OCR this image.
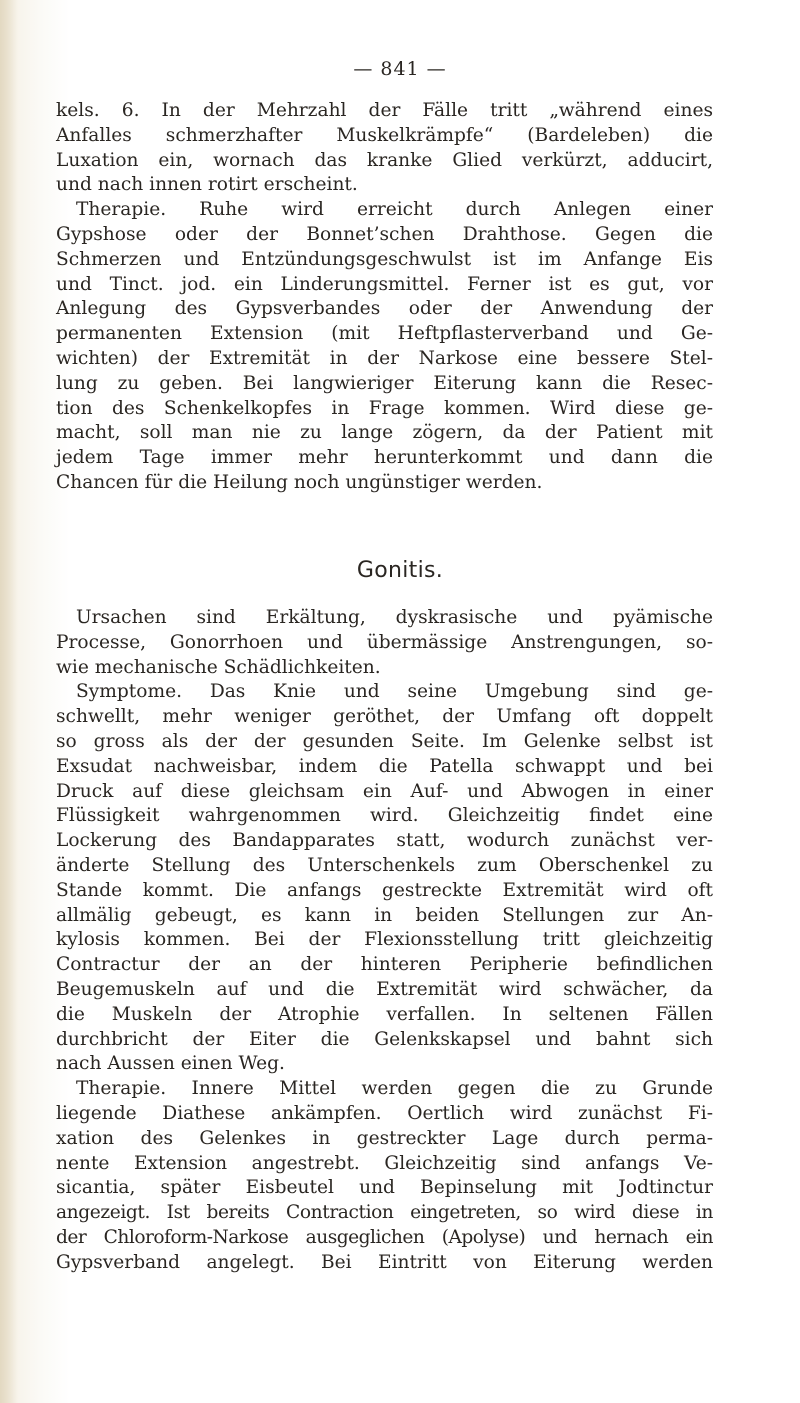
— 841 —
kels. 6. In der Mehrzahl der Fälle tritt „während eines
Anfalles schmerzhafter Muskelkrämpfe“ (Bardeleben) die
Luxation ein, wornach das kranke Glied verkürzt, adducirt,
und nach innen rotirt erscheint.
Therapie. Ruhe wird erreicht durch Anlegen einer
Gypshose oder der Bonnet’schen Drahthose. Gegen die
Schmerzen und Entzündungsgeschwulst ist im Anfange Eis
und Tinct. jod. ein Linderungsmittel. Ferner ist es gut, vor
Anlegung des Gypsverbandes oder der Anwendung der
permanenten Extension (mit Heftpflasterverband und Ge-
wichten) der Extremität in der Narkose eine bessere Stel-
lung zu geben. Bei langwieriger Eiterung kann die Resec-
tion des Schenkelkopfes in Frage kommen. Wird diese ge-
macht, soll man nie zu lange zögern, da der Patient mit
jedem Tage immer mehr herunterkommt und dann die
Chancen für die Heilung noch ungünstiger werden.
Gonitis.
Ursachen sind Erkältung, dyskrasische und pyämische
Processe, Gonorrhoen und übermässige Anstrengungen, so-
wie mechanische Schädlichkeiten.
Symptome. Das Knie und seine Umgebung sind ge-
schwellt, mehr weniger geröthet, der Umfang oft doppelt
so gross als der der gesunden Seite. Im Gelenke selbst ist
Exsudat nachweisbar, indem die Patella schwappt und bei
Druck auf diese gleichsam ein Auf- und Abwogen in einer
Flüssigkeit wahrgenommen wird. Gleichzeitig findet eine
Lockerung des Bandapparates statt, wodurch zunächst ver-
änderte Stellung des Unterschenkels zum Oberschenkel zu
Stande kommt. Die anfangs gestreckte Extremität wird oft
allmälig gebeugt, es kann in beiden Stellungen zur An-
kylosis kommen. Bei der Flexionsstellung tritt gleichzeitig
Contractur der an der hinteren Peripherie befindlichen
Beugemuskeln auf und die Extremität wird schwächer, da
die Muskeln der Atrophie verfallen. In seltenen Fällen
durchbricht der Eiter die Gelenkskapsel und bahnt sich
nach Aussen einen Weg.
Therapie. Innere Mittel werden gegen die zu Grunde
liegende Diathese ankämpfen. Oertlich wird zunächst Fi-
xation des Gelenkes in gestreckter Lage durch perma-
nente Extension angestrebt. Gleichzeitig sind anfangs Ve-
sicantia, später Eisbeutel und Bepinselung mit Jodtinctur
angezeigt. Ist bereits Contraction eingetreten, so wird diese in
der Chloroform-Narkose ausgeglichen (Apolyse) und hernach ein
Gypsverband angelegt. Bei Eintritt von Eiterung werden
